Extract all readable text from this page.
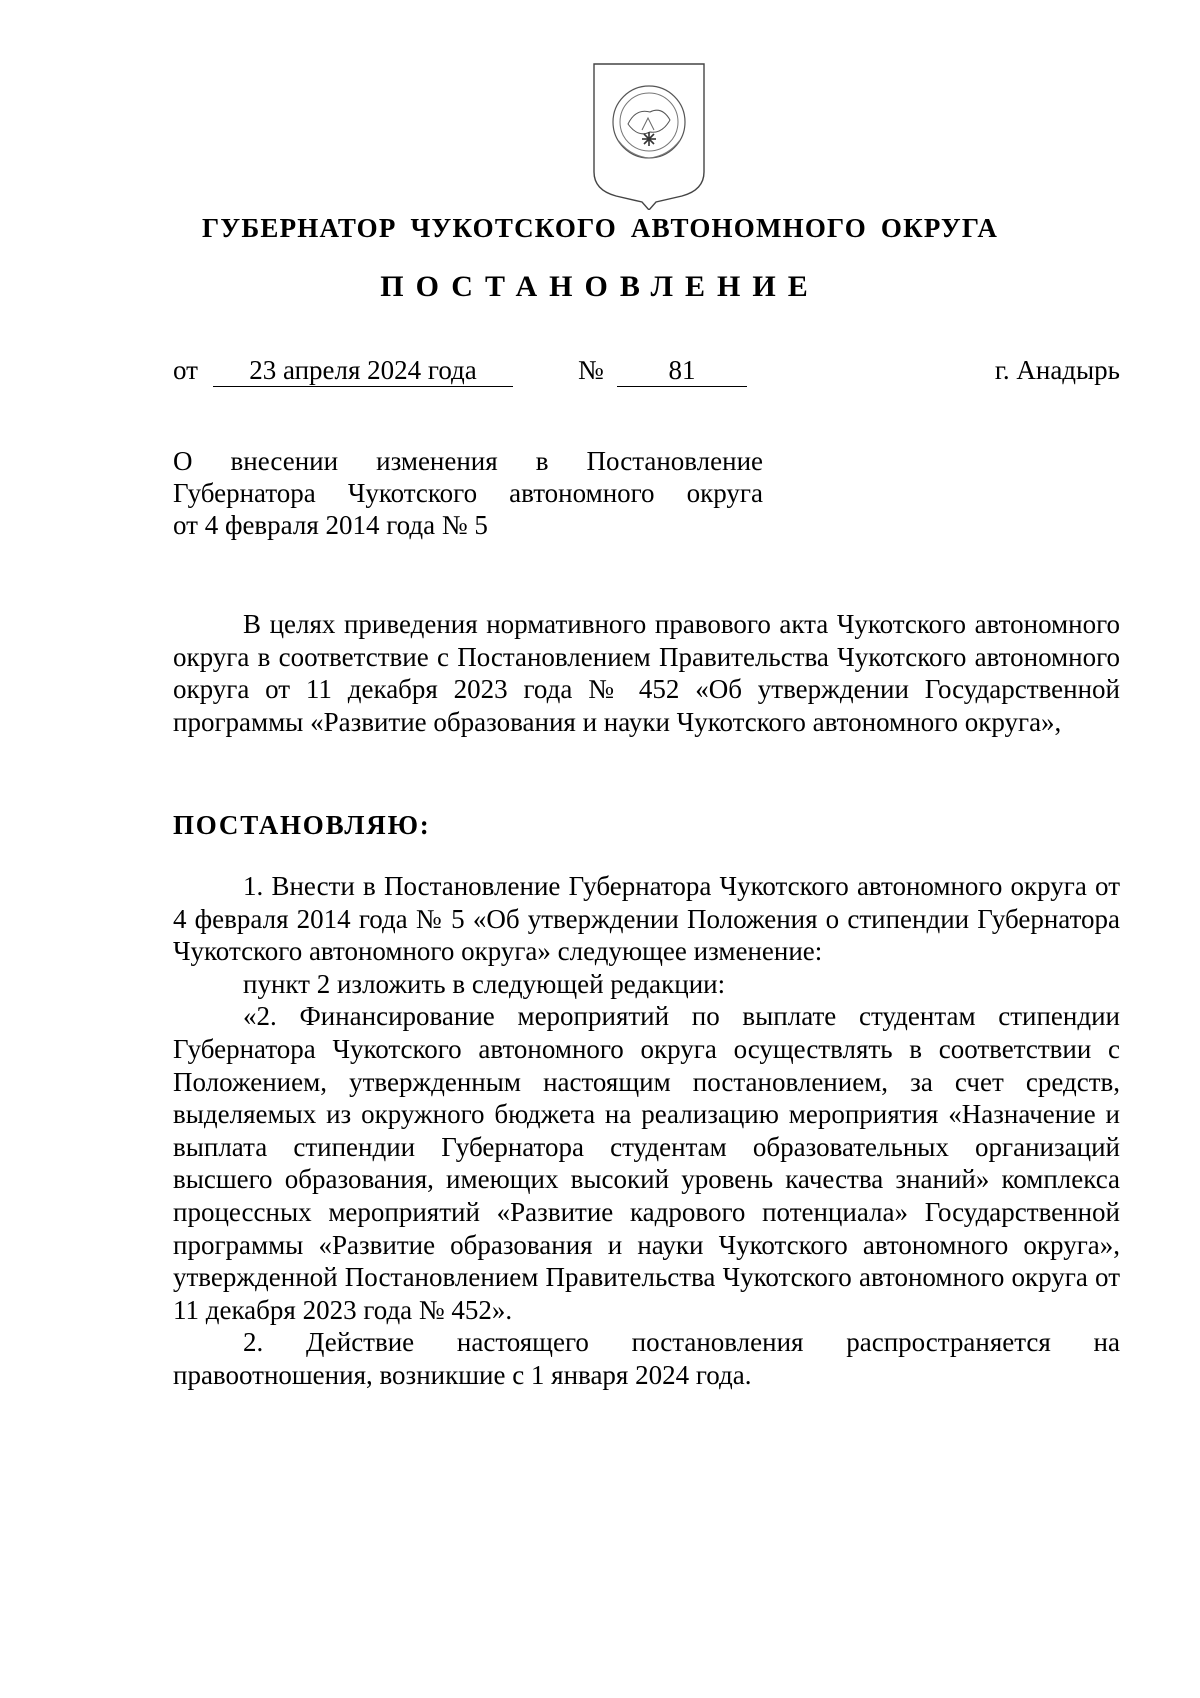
ГУБЕРНАТОР ЧУКОТСКОГО АВТОНОМНОГО ОКРУГА
ПОСТАНОВЛЕНИЕ
от	23 апреля 2024 года	№	81	г. Анадырь
О внесении изменения в Постановление
Губернатора Чукотского автономного округа
от 4 февраля 2014 года № 5

В целях приведения нормативного правового акта Чукотского автономного округа в соответствие с Постановлением Правительства Чукотского автономного округа от 11 декабря 2023 года № 452 «Об утверждении Государственной программы «Развитие образования и науки Чукотского автономного округа»,

ПОСТАНОВЛЯЮ:

1. Внести в Постановление Губернатора Чукотского автономного округа от 4 февраля 2014 года № 5 «Об утверждении Положения о стипендии Губернатора Чукотского автономного округа» следующее изменение:

пункт 2 изложить в следующей редакции:

«2. Финансирование мероприятий по выплате студентам стипендии Губернатора Чукотского автономного округа осуществлять в соответствии с Положением, утвержденным настоящим постановлением, за счет средств, выделяемых из окружного бюджета на реализацию мероприятия «Назначение и выплата стипендии Губернатора студентам образовательных организаций высшего образования, имеющих высокий уровень качества знаний» комплекса процессных мероприятий «Развитие кадрового потенциала» Государственной программы «Развитие образования и науки Чукотского автономного округа», утвержденной Постановлением Правительства Чукотского автономного округа от 11 декабря 2023 года № 452».

2. Действие настоящего постановления распространяется на правоотношения, возникшие с 1 января 2024 года.
